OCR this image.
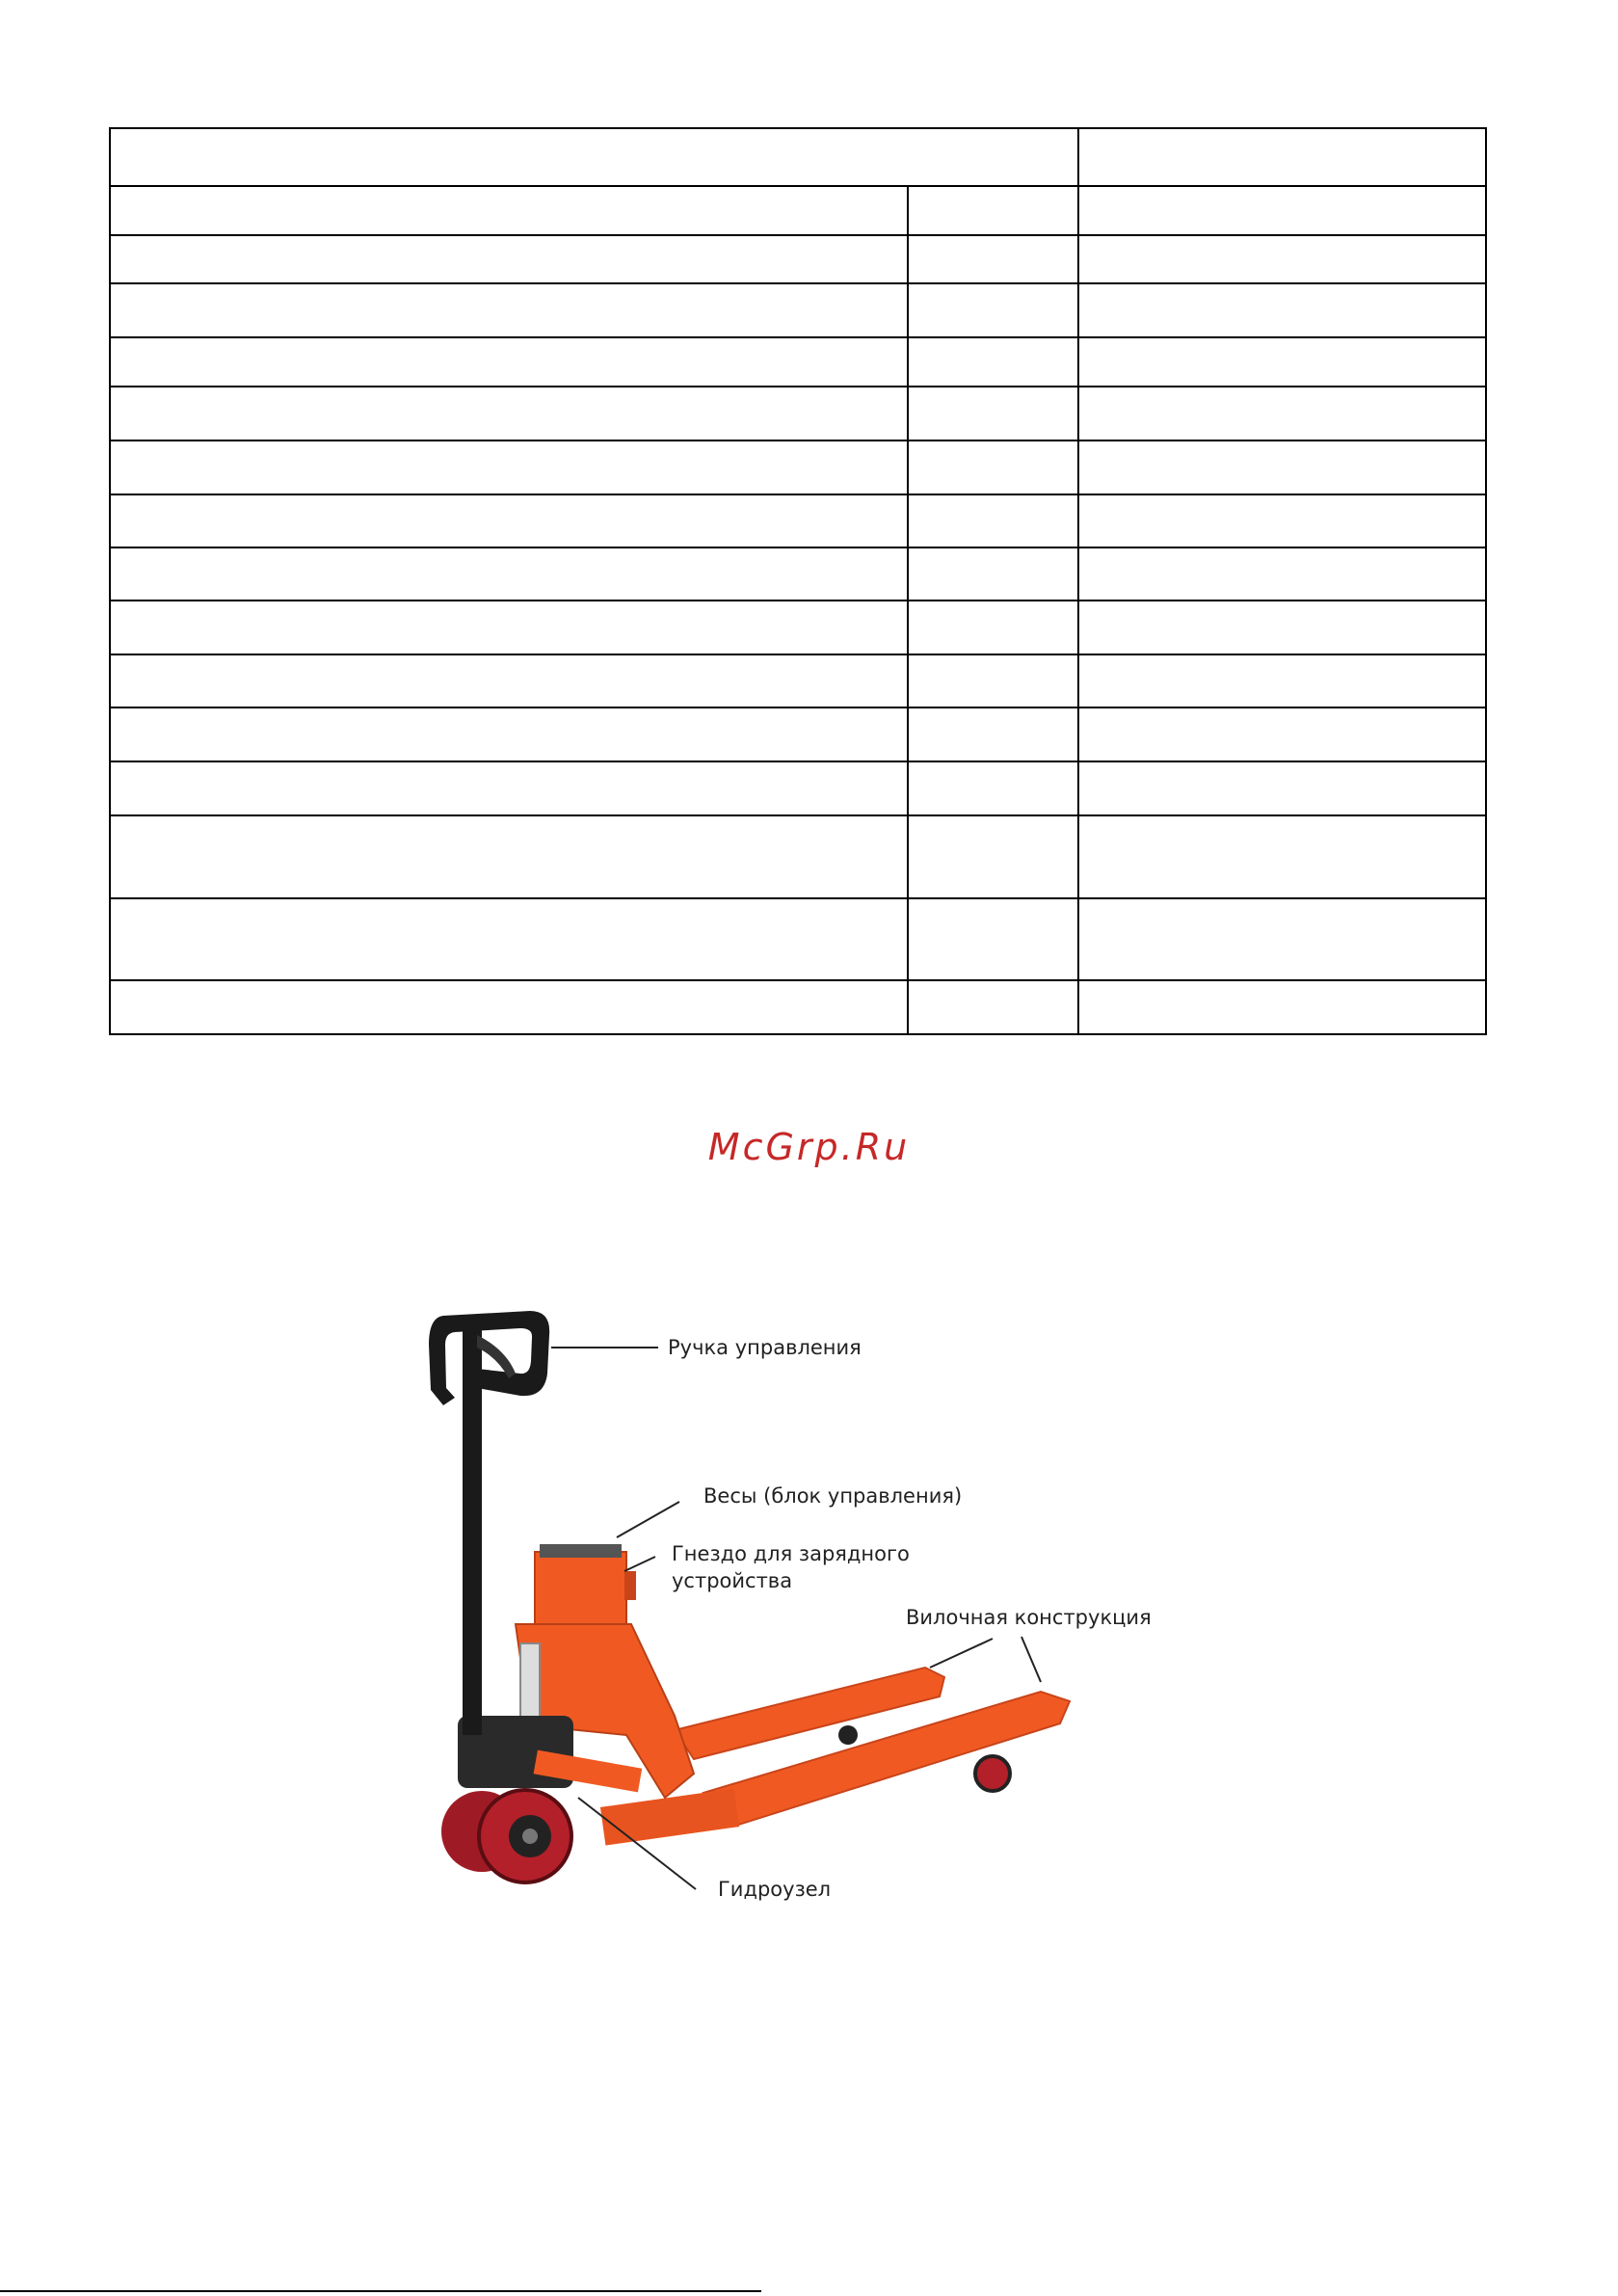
McGrp.Ru
Ручка управления
Весы (блок управления)
Гнездо для зарядного
устройства
Вилочная конструкция
Гидроузел
